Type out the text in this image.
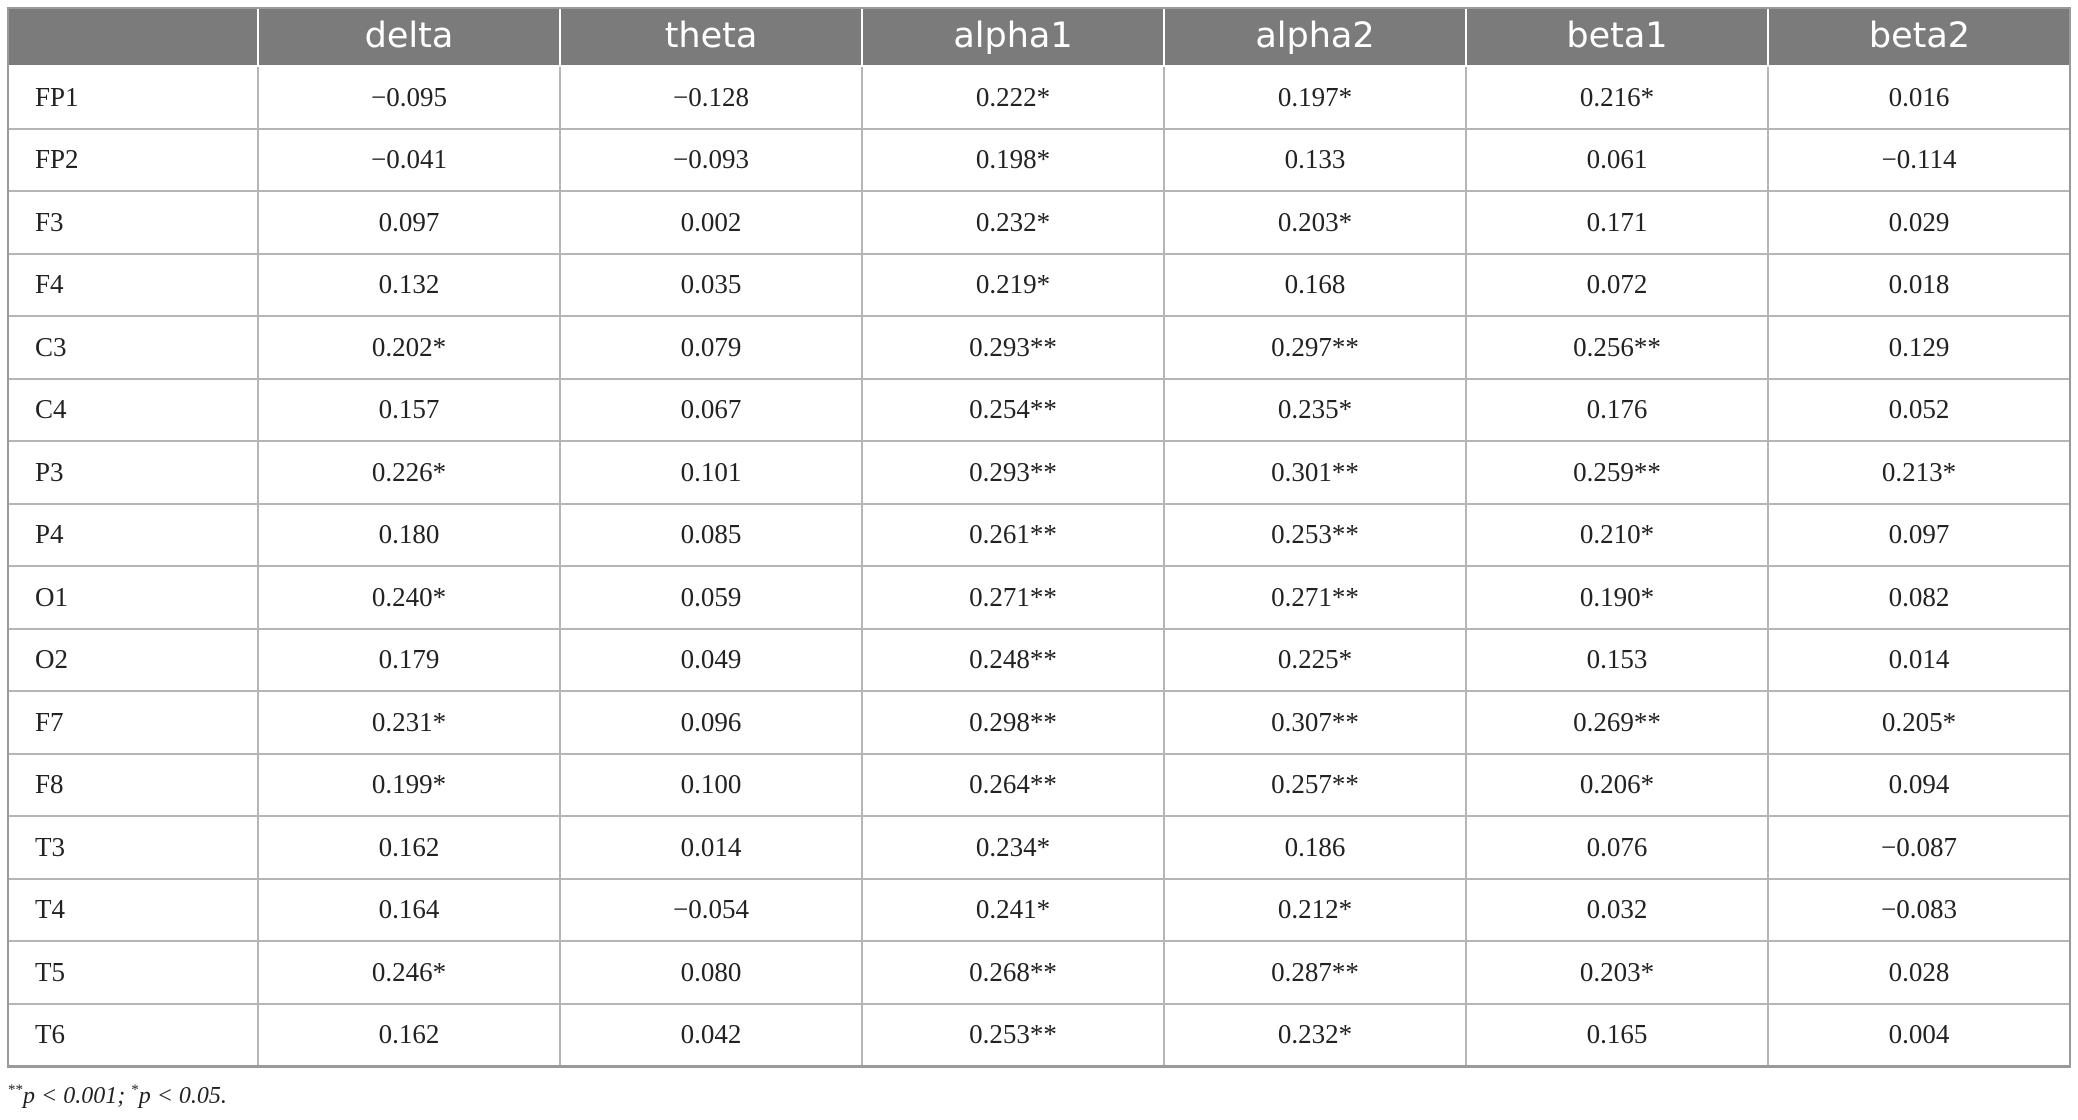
	delta	theta	alpha1	alpha2	beta1	beta2
FP1	−0.095	−0.128	0.222*	0.197*	0.216*	0.016
FP2	−0.041	−0.093	0.198*	0.133	0.061	−0.114
F3	0.097	0.002	0.232*	0.203*	0.171	0.029
F4	0.132	0.035	0.219*	0.168	0.072	0.018
C3	0.202*	0.079	0.293**	0.297**	0.256**	0.129
C4	0.157	0.067	0.254**	0.235*	0.176	0.052
P3	0.226*	0.101	0.293**	0.301**	0.259**	0.213*
P4	0.180	0.085	0.261**	0.253**	0.210*	0.097
O1	0.240*	0.059	0.271**	0.271**	0.190*	0.082
O2	0.179	0.049	0.248**	0.225*	0.153	0.014
F7	0.231*	0.096	0.298**	0.307**	0.269**	0.205*
F8	0.199*	0.100	0.264**	0.257**	0.206*	0.094
T3	0.162	0.014	0.234*	0.186	0.076	−0.087
T4	0.164	−0.054	0.241*	0.212*	0.032	−0.083
T5	0.246*	0.080	0.268**	0.287**	0.203*	0.028
T6	0.162	0.042	0.253**	0.232*	0.165	0.004
**p < 0.001; *p < 0.05.
